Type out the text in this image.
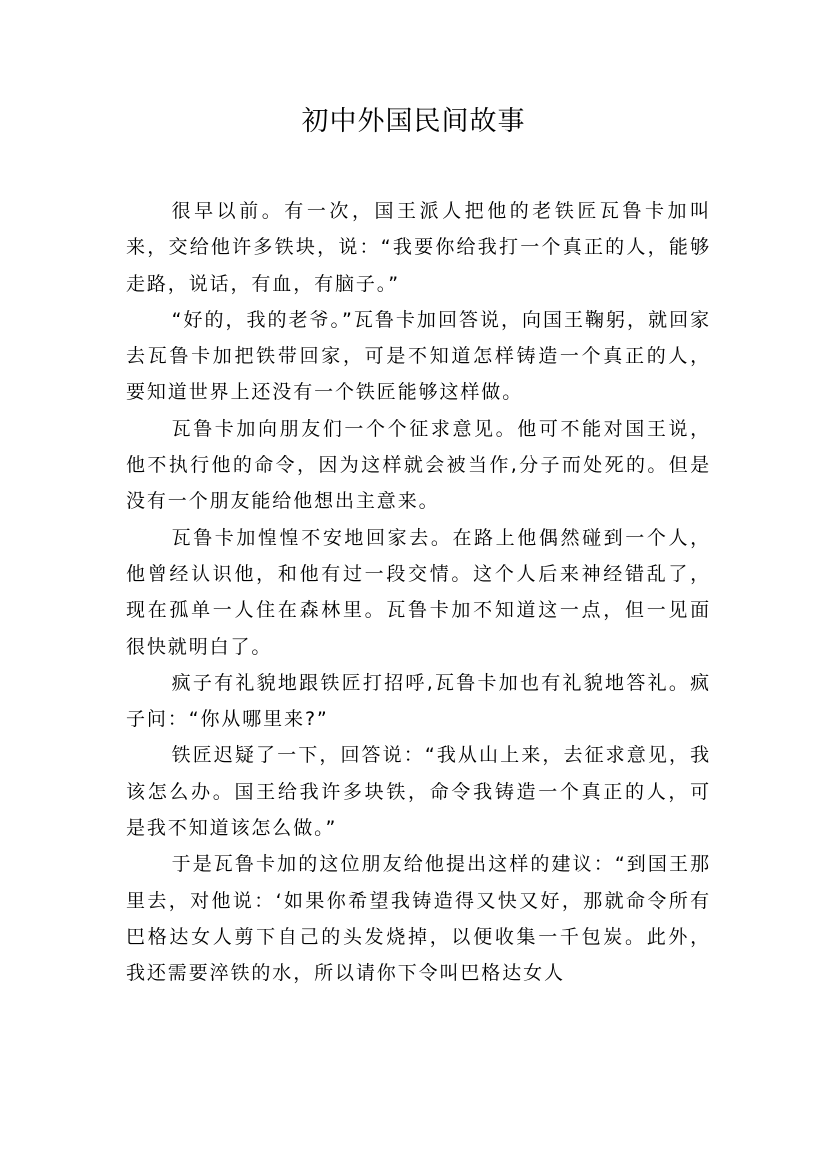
初中外国民间故事

很早以前。有一次，国王派人把他的老铁匠瓦鲁卡加叫来，交给他许多铁块，说：“我要你给我打一个真正的人，能够走路，说话，有血，有脑子。”

“好的，我的老爷。”瓦鲁卡加回答说，向国王鞠躬，就回家去瓦鲁卡加把铁带回家，可是不知道怎样铸造一个真正的人，要知道世界上还没有一个铁匠能够这样做。

瓦鲁卡加向朋友们一个个征求意见。他可不能对国王说，他不执行他的命令，因为这样就会被当作,分子而处死的。但是没有一个朋友能给他想出主意来。

瓦鲁卡加惶惶不安地回家去。在路上他偶然碰到一个人，他曾经认识他，和他有过一段交情。这个人后来神经错乱了，现在孤单一人住在森林里。瓦鲁卡加不知道这一点，但一见面很快就明白了。

疯子有礼貌地跟铁匠打招呼,瓦鲁卡加也有礼貌地答礼。疯子问：“你从哪里来?”

铁匠迟疑了一下，回答说：“我从山上来，去征求意见，我该怎么办。国王给我许多块铁，命令我铸造一个真正的人，可是我不知道该怎么做。”

于是瓦鲁卡加的这位朋友给他提出这样的建议：“到国王那里去，对他说：‘如果你希望我铸造得又快又好，那就命令所有巴格达女人剪下自己的头发烧掉，以便收集一千包炭。此外，我还需要淬铁的水，所以请你下令叫巴格达女人
